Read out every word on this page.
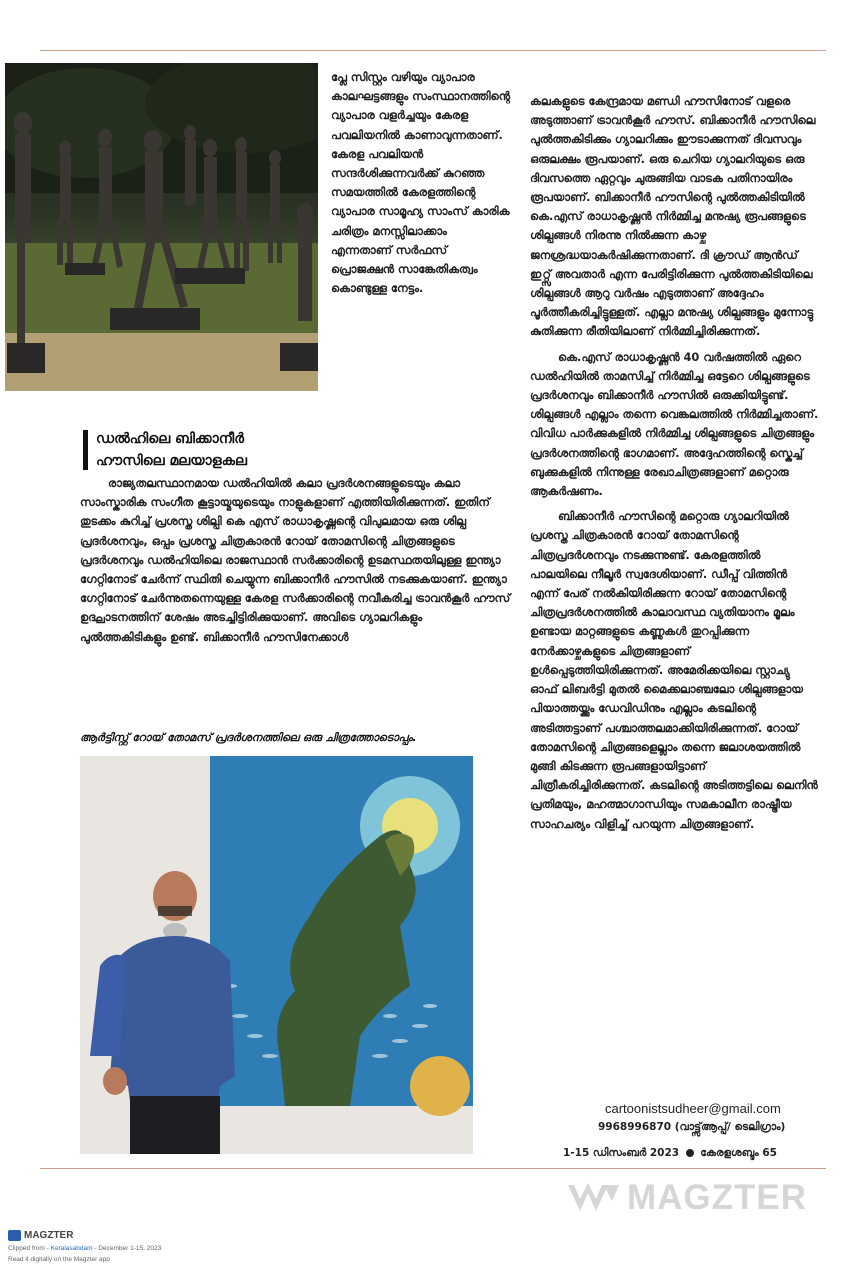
പ്ലേ സിസ്റ്റം വഴിയും വ്യാപാര കാലഘട്ടങ്ങളും സംസ്ഥാനത്തിന്റെ വ്യാപാര വളർച്ചയും കേരള പവലിയനിൽ കാണാവുന്നതാണ്. കേരള പവലിയൻ സന്ദർശിക്കുന്നവർക്ക് കുറഞ്ഞ സമയത്തിൽ കേരളത്തിന്റെ വ്യാപാര സാമൂഹ്യ സാംസ് കാരിക ചരിത്രം മനസ്സിലാക്കാം എന്നതാണ് സർഫസ് പ്രൊജക്ഷൻ സാങ്കേതികത്വം കൊണ്ടുള്ള നേട്ടം.

കലകളുടെ കേന്ദ്രമായ മണ്ഡി ഹൗസിനോട് വളരെ അടുത്താണ് ട്രാവൻകൂർ ഹൗസ്. ബിക്കാനീർ ഹൗസിലെ പുൽത്തകിടിക്കും ഗ്യാലറിക്കും ഈടാക്കുന്നത് ദിവസവും ഒരുലക്ഷം രൂപയാണ്. ഒരു ചെറിയ ഗ്യാലറിയുടെ ഒരു ദിവസത്തെ ഏറ്റവും ചുരുങ്ങിയ വാടക പതിനായിരം രൂപയാണ്. ബിക്കാനീർ ഹൗസിന്റെ പുൽത്തകിടിയിൽ കെ.എസ് രാധാകൃഷ്ണൻ നിർമ്മിച്ച മനുഷ്യ രൂപങ്ങളുടെ ശില്പങ്ങൾ നിരന്നു നിൽക്കുന്ന കാഴ്ച ജനശ്രദ്ധയാകർഷിക്കുന്നതാണ്. ദി ക്രൗഡ് ആൻഡ് ഇറ്റ്സ് അവതാർ എന്ന പേരിട്ടിരിക്കുന്ന പുൽത്തകിടിയിലെ ശില്പങ്ങൾ ആറു വർഷം എടുത്താണ് അദ്ദേഹം പൂർത്തീകരിച്ചിട്ടുള്ളത്. എല്ലാ മനുഷ്യ ശില്പങ്ങളും മുന്നോട്ടു കുതിക്കുന്ന രീതിയിലാണ് നിർമ്മിച്ചിരിക്കുന്നത്.

കെ.എസ് രാധാകൃഷ്ണൻ 40 വർഷത്തിൽ ഏറെ ഡൽഹിയിൽ താമസിച്ച് നിർമ്മിച്ച ഒട്ടേറെ ശില്പങ്ങളുടെ പ്രദർശനവും ബിക്കാനീർ ഹൗസിൽ ഒരുക്കിയിട്ടുണ്ട്. ശില്പങ്ങൾ എല്ലാം തന്നെ വെങ്കലത്തിൽ നിർമ്മിച്ചതാണ്. വിവിധ പാർക്കുകളിൽ നിർമ്മിച്ച ശില്പങ്ങളുടെ ചിത്രങ്ങളും പ്രദർശനത്തിന്റെ ഭാഗമാണ്. അദ്ദേഹത്തിന്റെ സ്കെച്ച് ബുക്കുകളിൽ നിന്നുള്ള രേഖാചിത്രങ്ങളാണ് മറ്റൊരു ആകർഷണം.

ബിക്കാനീർ ഹൗസിന്റെ മറ്റൊരു ഗ്യാലറിയിൽ പ്രശസ്ത ചിത്രകാരൻ റോയ് തോമസിന്റെ ചിത്രപ്രദർശനവും നടക്കുന്നുണ്ട്. കേരളത്തിൽ പാലയിലെ നീലൂർ സ്വദേശിയാണ്. ഡീപ്പ് വിത്തിൻ എന്ന് പേര് നൽകിയിരിക്കുന്ന റോയ് തോമസിന്റെ ചിത്രപ്രദർശനത്തിൽ കാലാവസ്ഥ വ്യതിയാനം മൂലം ഉണ്ടായ മാറ്റങ്ങളുടെ കണ്ണുകൾ തുറപ്പിക്കുന്ന നേർക്കാഴ്ചകളുടെ ചിത്രങ്ങളാണ് ഉൾപ്പെടുത്തിയിരിക്കുന്നത്. അമേരിക്കയിലെ സ്റ്റാച്യു ഓഫ് ലിബർട്ടി മുതൽ മൈക്കലാഞ്ചലോ ശില്പങ്ങളായ പിയാത്തയ്ക്കും ഡേവിഡിനും എല്ലാം കടലിന്റെ അടിത്തട്ടാണ് പശ്ചാത്തലമാക്കിയിരിക്കുന്നത്. റോയ് തോമസിന്റെ ചിത്രങ്ങളെല്ലാം തന്നെ ജലാശയത്തിൽ മുങ്ങി കിടക്കുന്ന രൂപങ്ങളായിട്ടാണ് ചിത്രീകരിച്ചിരിക്കുന്നത്. കടലിന്റെ അടിത്തട്ടിലെ ലെനിൻ പ്രതിമയും, മഹത്മാഗാന്ധിയും സമകാലീന രാഷ്ട്രീയ സാഹചര്യം വിളിച്ച് പറയുന്ന ചിത്രങ്ങളാണ്.

ഡൽഹിലെ ബിക്കാനീർ
ഹൗസിലെ മലയാളകല

രാജ്യതലസ്ഥാനമായ ഡൽഹിയിൽ കലാ പ്രദർശനങ്ങളുടെയും കലാ സാംസ്കാരിക സംഗീത കൂട്ടായ്മയുടെയും നാളുകളാണ് എത്തിയിരിക്കുന്നത്. ഇതിന് തുടക്കം കുറിച്ച് പ്രശസ്ത ശില്പി കെ എസ് രാധാകൃഷ്ണന്റെ വിപുലമായ ഒരു ശില്പ പ്രദർശനവും, ഒപ്പം പ്രശസ്ത ചിത്രകാരൻ റോയ് തോമസിന്റെ ചിത്രങ്ങളുടെ പ്രദർശനവും ഡൽഹിയിലെ രാജസ്ഥാൻ സർക്കാരിന്റെ ഉടമസ്ഥതയിലുള്ള ഇന്ത്യാ ഗേറ്റിനോട് ചേർന്ന് സ്ഥിതി ചെയ്യുന്ന ബിക്കാനീർ ഹൗസിൽ നടക്കുകയാണ്. ഇന്ത്യാ ഗേറ്റിനോട് ചേർന്നുതന്നെയുള്ള കേരള സർക്കാരിന്റെ നവീകരിച്ച ട്രാവൻകൂർ ഹൗസ് ഉദ്ഘാടനത്തിന് ശേഷം അടച്ചിട്ടിരിക്കുയാണ്. അവിടെ ഗ്യാലറികളും പുൽത്തകിടികളും ഉണ്ട്. ബിക്കാനീർ ഹൗസിനേക്കാൾ

ആർട്ടിസ്റ്റ് റോയ് തോമസ് പ്രദർശനത്തിലെ ഒരു ചിത്രത്തോടൊപ്പം.
cartoonistsudheer@gmail.com
9968996870 (വാട്ട്സ്ആപ്പ്/ ടെലിഗ്രാം)
1-15 ഡിസംബർ 2023 കേരളശബ്ദം 65
MAGZTER
MAGZTER
Clipped from - Keralasabdam - December 1-15, 2023
Read it digitally on the Magzter app
